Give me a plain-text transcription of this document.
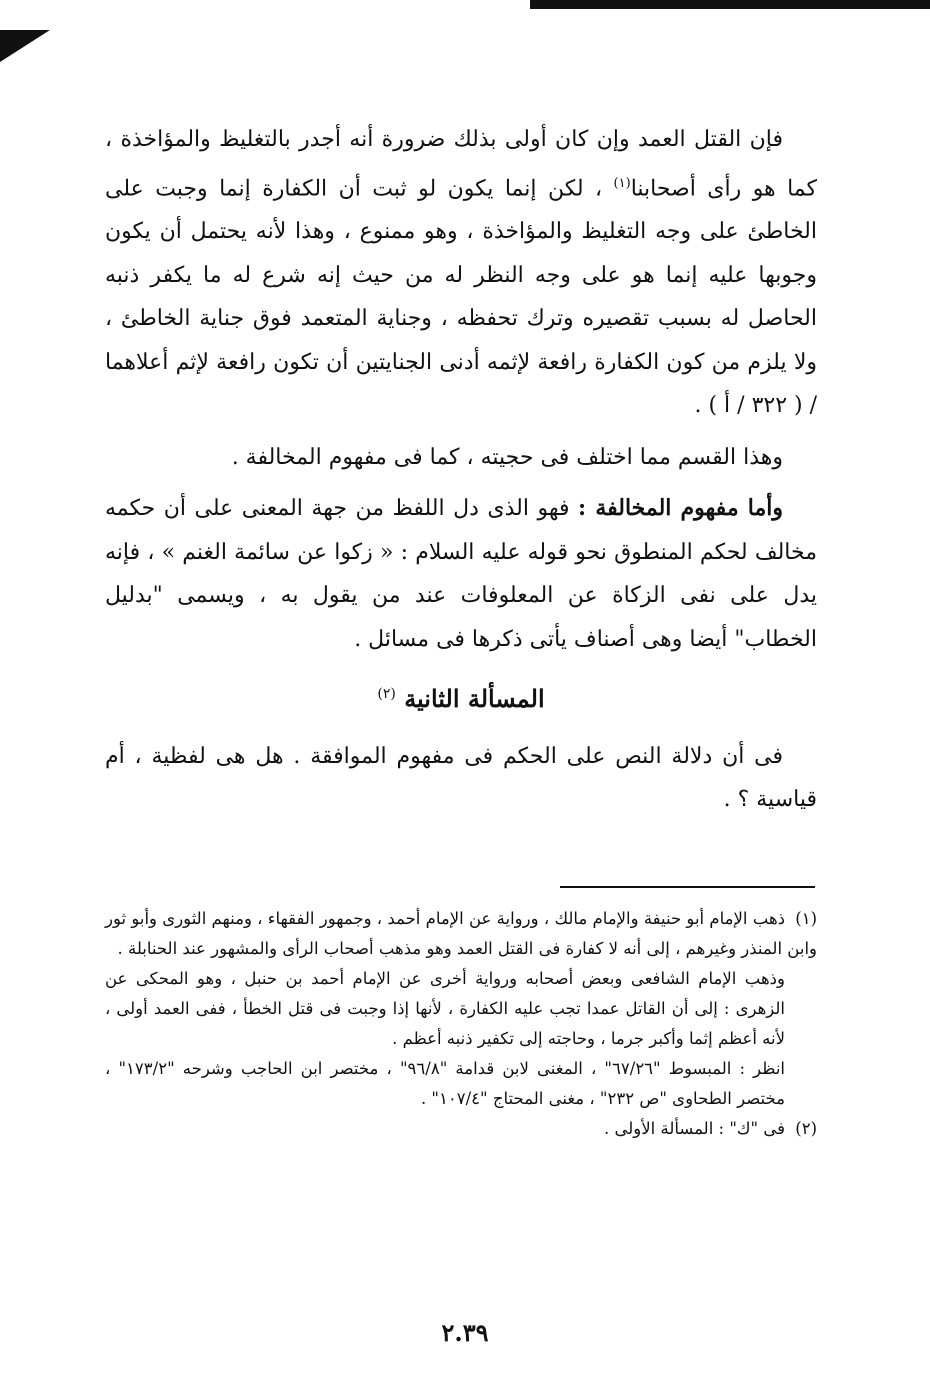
فإن القتل العمد وإن كان أولى بذلك ضرورة أنه أجدر بالتغليظ والمؤاخذة ، كما هو رأى أصحابنا$^{(١)}$ ، لكن إنما يكون لو ثبت أن الكفارة إنما وجبت على الخاطئ على وجه التغليظ والمؤاخذة ، وهو ممنوع ، وهذا لأنه يحتمل أن يكون وجوبها عليه إنما هو على وجه النظر له من حيث إنه شرع له ما يكفر ذنبه الحاصل له بسبب تقصيره وترك تحفظه ، وجناية المتعمد فوق جناية الخاطئ ، ولا يلزم من كون الكفارة رافعة لإثمه أدنى الجنايتين أن تكون رافعة لإثم أعلاهما / ( ٣٢٢ / أ ) .

وهذا القسم مما اختلف فى حجيته ، كما فى مفهوم المخالفة .

وأما مفهوم المخالفة : فهو الذى دل اللفظ من جهة المعنى على أن حكمه مخالف لحكم المنطوق نحو قوله عليه السلام : « زكوا عن سائمة الغنم » ، فإنه يدل على نفى الزكاة عن المعلوفات عند من يقول به ، ويسمى "بدليل الخطاب" أيضا وهى أصناف يأتى ذكرها فى مسائل .

المسألة الثانية $^{(٢)}$

فى أن دلالة النص على الحكم فى مفهوم الموافقة . هل هى لفظية ، أم قياسية ؟ .

(١)ذهب الإمام أبو حنيفة والإمام مالك ، ورواية عن الإمام أحمد ، وجمهور الفقهاء ، ومنهم الثورى وأبو ثور وابن المنذر وغيرهم ، إلى أنه لا كفارة فى القتل العمد وهو مذهب أصحاب الرأى والمشهور عند الحنابلة .

وذهب الإمام الشافعى وبعض أصحابه ورواية أخرى عن الإمام أحمد بن حنبل ، وهو المحكى عن الزهرى : إلى أن القاتل عمدا تجب عليه الكفارة ، لأنها إذا وجبت فى قتل الخطأ ، ففى العمد أولى ، لأنه أعظم إثما وأكبر جرما ، وحاجته إلى تكفير ذنبه أعظم .

انظر : المبسوط "٦٧/٢٦" ، المغنى لابن قدامة "٩٦/٨" ، مختصر ابن الحاجب وشرحه "١٧٣/٢" ، مختصر الطحاوى "ص ٢٣٢" ، مغنى المحتاج "١٠٧/٤" .

(٢)فى "ك" : المسألة الأولى .

٢.٣٩
